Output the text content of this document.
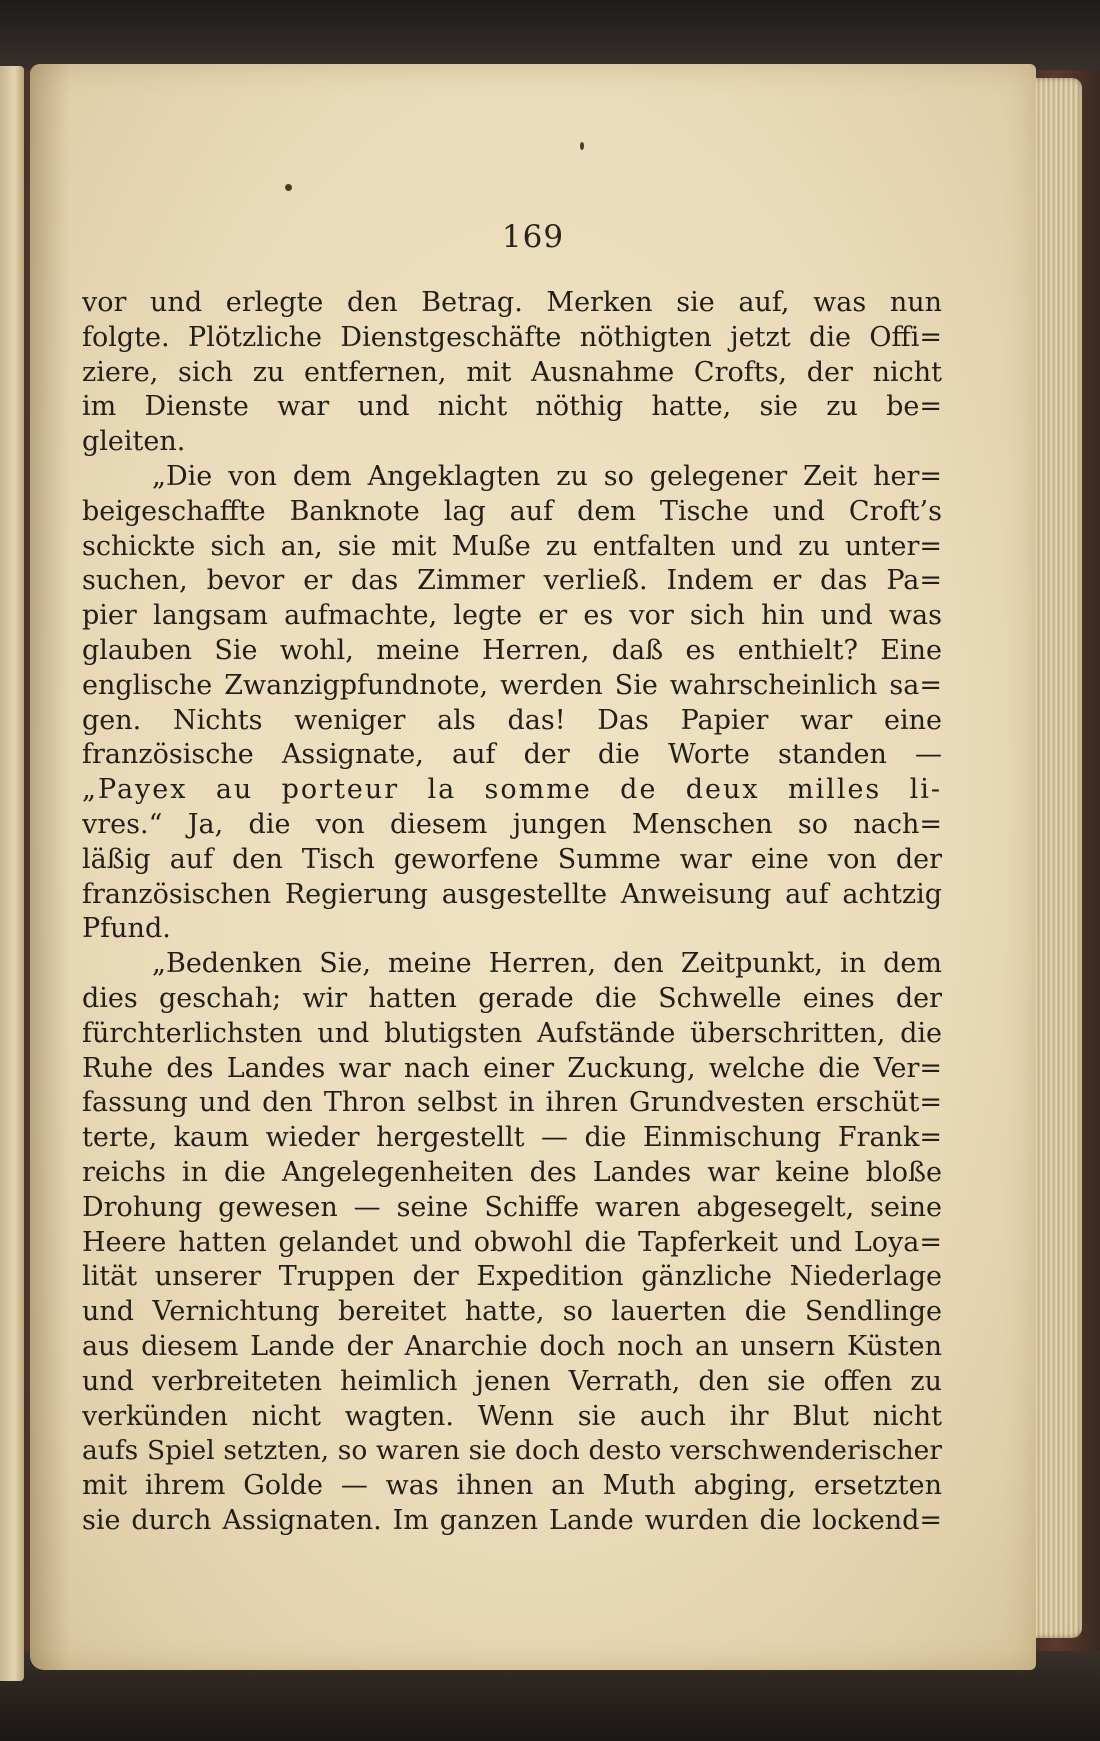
169
vor und erlegte den Betrag. Merken sie auf, was nun
folgte. Plötzliche Dienstgeschäfte nöthigten jetzt die Offi=
ziere, sich zu entfernen, mit Ausnahme Crofts, der nicht
im Dienste war und nicht nöthig hatte, sie zu be=
gleiten.
„Die von dem Angeklagten zu so gelegener Zeit her=
beigeschaffte Banknote lag auf dem Tische und Croft’s
schickte sich an, sie mit Muße zu entfalten und zu unter=
suchen, bevor er das Zimmer verließ. Indem er das Pa=
pier langsam aufmachte, legte er es vor sich hin und was
glauben Sie wohl, meine Herren, daß es enthielt? Eine
englische Zwanzigpfundnote, werden Sie wahrscheinlich sa=
gen. Nichts weniger als das! Das Papier war eine
französische Assignate, auf der die Worte standen —
„Payex au porteur la somme de deux milles li-
vres.“ Ja, die von diesem jungen Menschen so nach=
läßig auf den Tisch geworfene Summe war eine von der
französischen Regierung ausgestellte Anweisung auf achtzig
Pfund.
„Bedenken Sie, meine Herren, den Zeitpunkt, in dem
dies geschah; wir hatten gerade die Schwelle eines der
fürchterlichsten und blutigsten Aufstände überschritten, die
Ruhe des Landes war nach einer Zuckung, welche die Ver=
fassung und den Thron selbst in ihren Grundvesten erschüt=
terte, kaum wieder hergestellt — die Einmischung Frank=
reichs in die Angelegenheiten des Landes war keine bloße
Drohung gewesen — seine Schiffe waren abgesegelt, seine
Heere hatten gelandet und obwohl die Tapferkeit und Loya=
lität unserer Truppen der Expedition gänzliche Niederlage
und Vernichtung bereitet hatte, so lauerten die Sendlinge
aus diesem Lande der Anarchie doch noch an unsern Küsten
und verbreiteten heimlich jenen Verrath, den sie offen zu
verkünden nicht wagten. Wenn sie auch ihr Blut nicht
aufs Spiel setzten, so waren sie doch desto verschwenderischer
mit ihrem Golde — was ihnen an Muth abging, ersetzten
sie durch Assignaten. Im ganzen Lande wurden die lockend=
